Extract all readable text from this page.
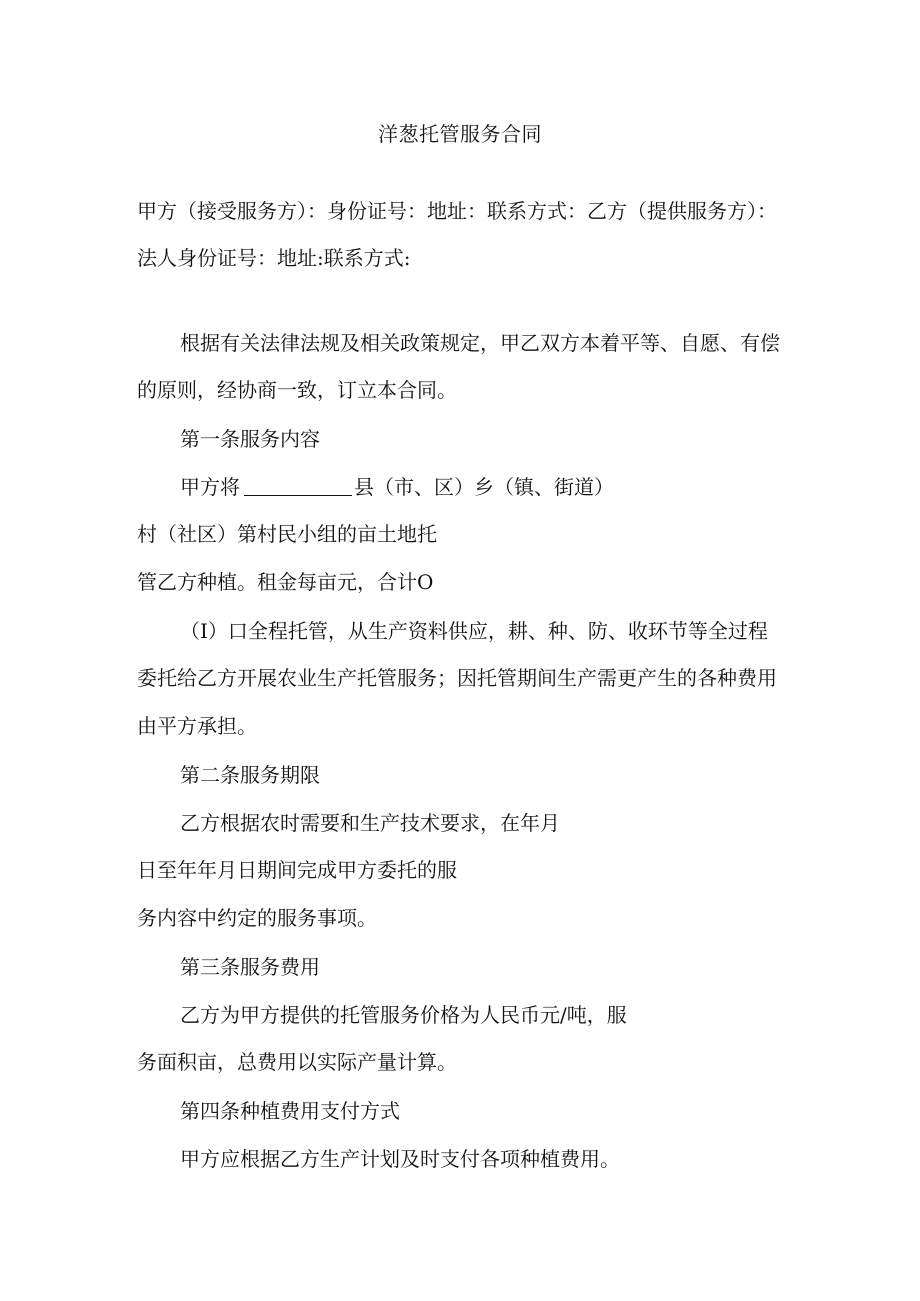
洋葱托管服务合同
甲方（接受服务方）：身份证号：地址：联系方式：乙方（提供服务方）：
法人身份证号：地址:联系方式:
根据有关法律法规及相关政策规定，甲乙双方本着平等、自愿、有偿
的原则，经协商一致，订立本合同。
第一条服务内容
甲方将	县（市、区）乡（镇、街道）
村（社区）第村民小组的亩土地托
管乙方种植。租金每亩元，合计O
（I）口全程托管，从生产资料供应，耕、种、防、收环节等全过程
委托给乙方开展农业生产托管服务；因托管期间生产需更产生的各种费用
由平方承担。
第二条服务期限
乙方根据农时需要和生产技术要求，在年月
日至年年月日期间完成甲方委托的服
务内容中约定的服务事项。
第三条服务费用
乙方为甲方提供的托管服务价格为人民币元/吨，服
务面积亩，总费用以实际产量计算。
第四条种植费用支付方式
甲方应根据乙方生产计划及时支付各项种植费用。
